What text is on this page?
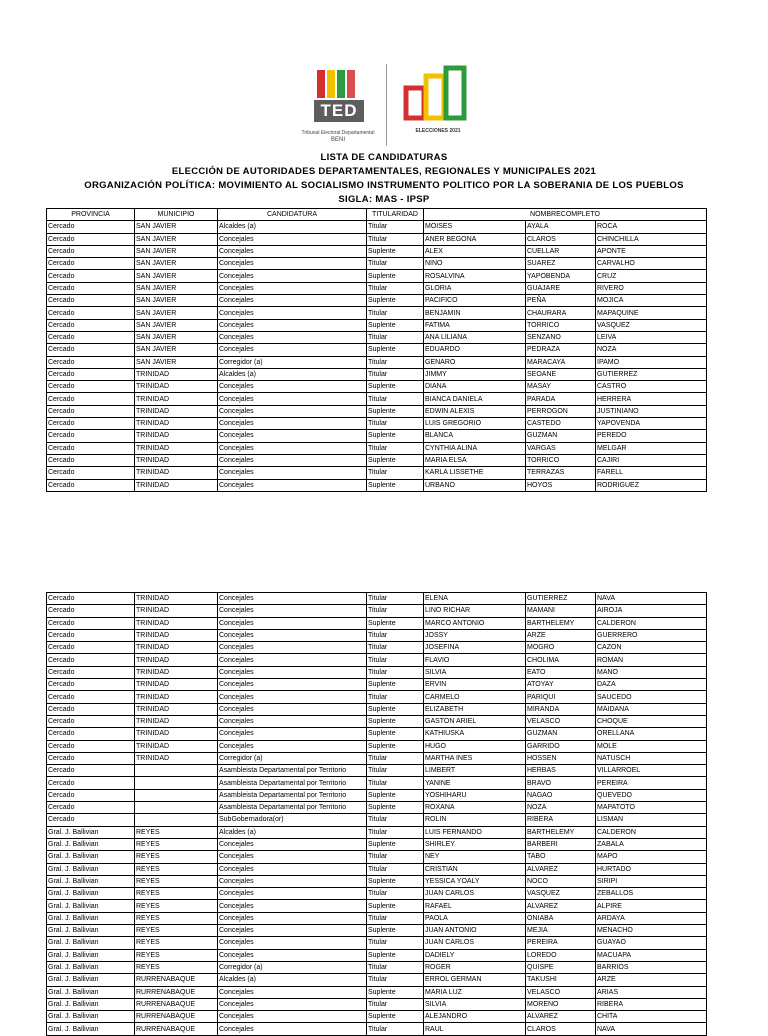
TED
Tribunal Electoral Departamental
BENI
ELECCIONES 2021
LISTA DE CANDIDATURAS
ELECCIÓN DE AUTORIDADES DEPARTAMENTALES, REGIONALES Y MUNICIPALES 2021
ORGANIZACIÓN POLÍTICA: MOVIMIENTO AL SOCIALISMO INSTRUMENTO POLITICO POR LA SOBERANIA DE LOS PUEBLOS
SIGLA: MAS - IPSP
PROVINCIA	MUNICIPIO	CANDIDATURA	TITULARIDAD	NOMBRECOMPLETO		
Cercado	SAN JAVIER	Alcaldes (a)	Titular	MOISES	AYALA	ROCA
Cercado	SAN JAVIER	Concejales	Titular	ANER BEGONA	CLAROS	CHINCHILLA
Cercado	SAN JAVIER	Concejales	Suplente	ALEX	CUELLAR	APONTE
Cercado	SAN JAVIER	Concejales	Titular	NINO	SUAREZ	CARVALHO
Cercado	SAN JAVIER	Concejales	Suplente	ROSALVINA	YAPOBENDA	CRUZ
Cercado	SAN JAVIER	Concejales	Titular	GLORIA	GUAJARE	RIVERO
Cercado	SAN JAVIER	Concejales	Suplente	PACIFICO	PEÑA	MOJICA
Cercado	SAN JAVIER	Concejales	Titular	BENJAMIN	CHAURARA	MAPAQUINE
Cercado	SAN JAVIER	Concejales	Suplente	FATIMA	TORRICO	VASQUEZ
Cercado	SAN JAVIER	Concejales	Titular	ANA LILIANA	SENZANO	LEIVA
Cercado	SAN JAVIER	Concejales	Suplente	EDUARDO	PEDRAZA	NOZA
Cercado	SAN JAVIER	Corregidor (a)	Titular	GENARO	MARACAYA	IPAMO
Cercado	TRINIDAD	Alcaldes (a)	Titular	JIMMY	SEOANE	GUTIERREZ
Cercado	TRINIDAD	Concejales	Suplente	DIANA	MASAY	CASTRO
Cercado	TRINIDAD	Concejales	Titular	BIANCA DANIELA	PARADA	HERRERA
Cercado	TRINIDAD	Concejales	Suplente	EDWIN ALEXIS	PERROGON	JUSTINIANO
Cercado	TRINIDAD	Concejales	Titular	LUIS GREGORIO	CASTEDO	YAPOVENDA
Cercado	TRINIDAD	Concejales	Suplente	BLANCA	GUZMAN	PEREDO
Cercado	TRINIDAD	Concejales	Titular	CYNTHIA ALINA	VARGAS	MELGAR
Cercado	TRINIDAD	Concejales	Suplente	MARIA ELSA	TORRICO	CAJIRI
Cercado	TRINIDAD	Concejales	Titular	KARLA LISSETHE	TERRAZAS	FARELL
Cercado	TRINIDAD	Concejales	Suplente	URBANO	HOYOS	RODRIGUEZ
Cercado	TRINIDAD	Concejales	Titular	ELENA	GUTIERREZ	NAVA
Cercado	TRINIDAD	Concejales	Titular	LINO RICHAR	MAMANI	AIROJA
Cercado	TRINIDAD	Concejales	Suplente	MARCO ANTONIO	BARTHELEMY	CALDERON
Cercado	TRINIDAD	Concejales	Titular	JOSSY	ARZE	GUERRERO
Cercado	TRINIDAD	Concejales	Titular	JOSEFINA	MOGRO	CAZON
Cercado	TRINIDAD	Concejales	Titular	FLAVIO	CHOLIMA	ROMAN
Cercado	TRINIDAD	Concejales	Titular	SILVIA	EATO	MANO
Cercado	TRINIDAD	Concejales	Suplente	ERVIN	ATOYAY	DAZA
Cercado	TRINIDAD	Concejales	Titular	CARMELO	PARIQUI	SAUCEDO
Cercado	TRINIDAD	Concejales	Suplente	ELIZABETH	MIRANDA	MAIDANA
Cercado	TRINIDAD	Concejales	Suplente	GASTON ARIEL	VELASCO	CHOQUE
Cercado	TRINIDAD	Concejales	Suplente	KATHIUSKA	GUZMAN	ORELLANA
Cercado	TRINIDAD	Concejales	Suplente	HUGO	GARRIDO	MOLE
Cercado	TRINIDAD	Corregidor (a)	Titular	MARTHA INES	HOSSEN	NATUSCH
Cercado		Asambleista Departamental por Territorio	Titular	LIMBERT	HERBAS	VILLARROEL
Cercado		Asambleista Departamental por Territorio	Titular	YANINE	BRAVO	PEREIRA
Cercado		Asambleista Departamental por Territorio	Suplente	YOSHIHARU	NAGAO	QUEVEDO
Cercado		Asambleista Departamental por Territorio	Suplente	ROXANA	NOZA	MAPATOTO
Cercado		SubGobernadora(or)	Titular	ROLIN	RIBERA	LISMAN
Gral. J. Ballivian	REYES	Alcaldes (a)	Titular	LUIS FERNANDO	BARTHELEMY	CALDERON
Gral. J. Ballivian	REYES	Concejales	Suplente	SHIRLEY	BARBERI	ZABALA
Gral. J. Ballivian	REYES	Concejales	Titular	NEY	TABO	MAPO
Gral. J. Ballivian	REYES	Concejales	Titular	CRISTIAN	ALVAREZ	HURTADO
Gral. J. Ballivian	REYES	Concejales	Suplente	YESSICA YOALY	NOCO	SIRIPI
Gral. J. Ballivian	REYES	Concejales	Titular	JUAN CARLOS	VASQUEZ	ZEBALLOS
Gral. J. Ballivian	REYES	Concejales	Suplente	RAFAEL	ALVAREZ	ALPIRE
Gral. J. Ballivian	REYES	Concejales	Titular	PAOLA	ONIABA	ARDAYA
Gral. J. Ballivian	REYES	Concejales	Suplente	JUAN ANTONIO	MEJIA	MENACHO
Gral. J. Ballivian	REYES	Concejales	Titular	JUAN CARLOS	PEREIRA	GUAYAO
Gral. J. Ballivian	REYES	Concejales	Suplente	DADIELY	LOREDO	MACUAPA
Gral. J. Ballivian	REYES	Corregidor (a)	Titular	ROGER	QUISPE	BARRIOS
Gral. J. Ballivian	RURRENABAQUE	Alcaldes (a)	Titular	ERROL GERMAN	TAKUSHI	ARZE
Gral. J. Ballivian	RURRENABAQUE	Concejales	Suplente	MARIA LUZ	VELASCO	ARIAS
Gral. J. Ballivian	RURRENABAQUE	Concejales	Titular	SILVIA	MORENO	RIBERA
Gral. J. Ballivian	RURRENABAQUE	Concejales	Suplente	ALEJANDRO	ALVAREZ	CHITA
Gral. J. Ballivian	RURRENABAQUE	Concejales	Titular	RAUL	CLAROS	NAVA
